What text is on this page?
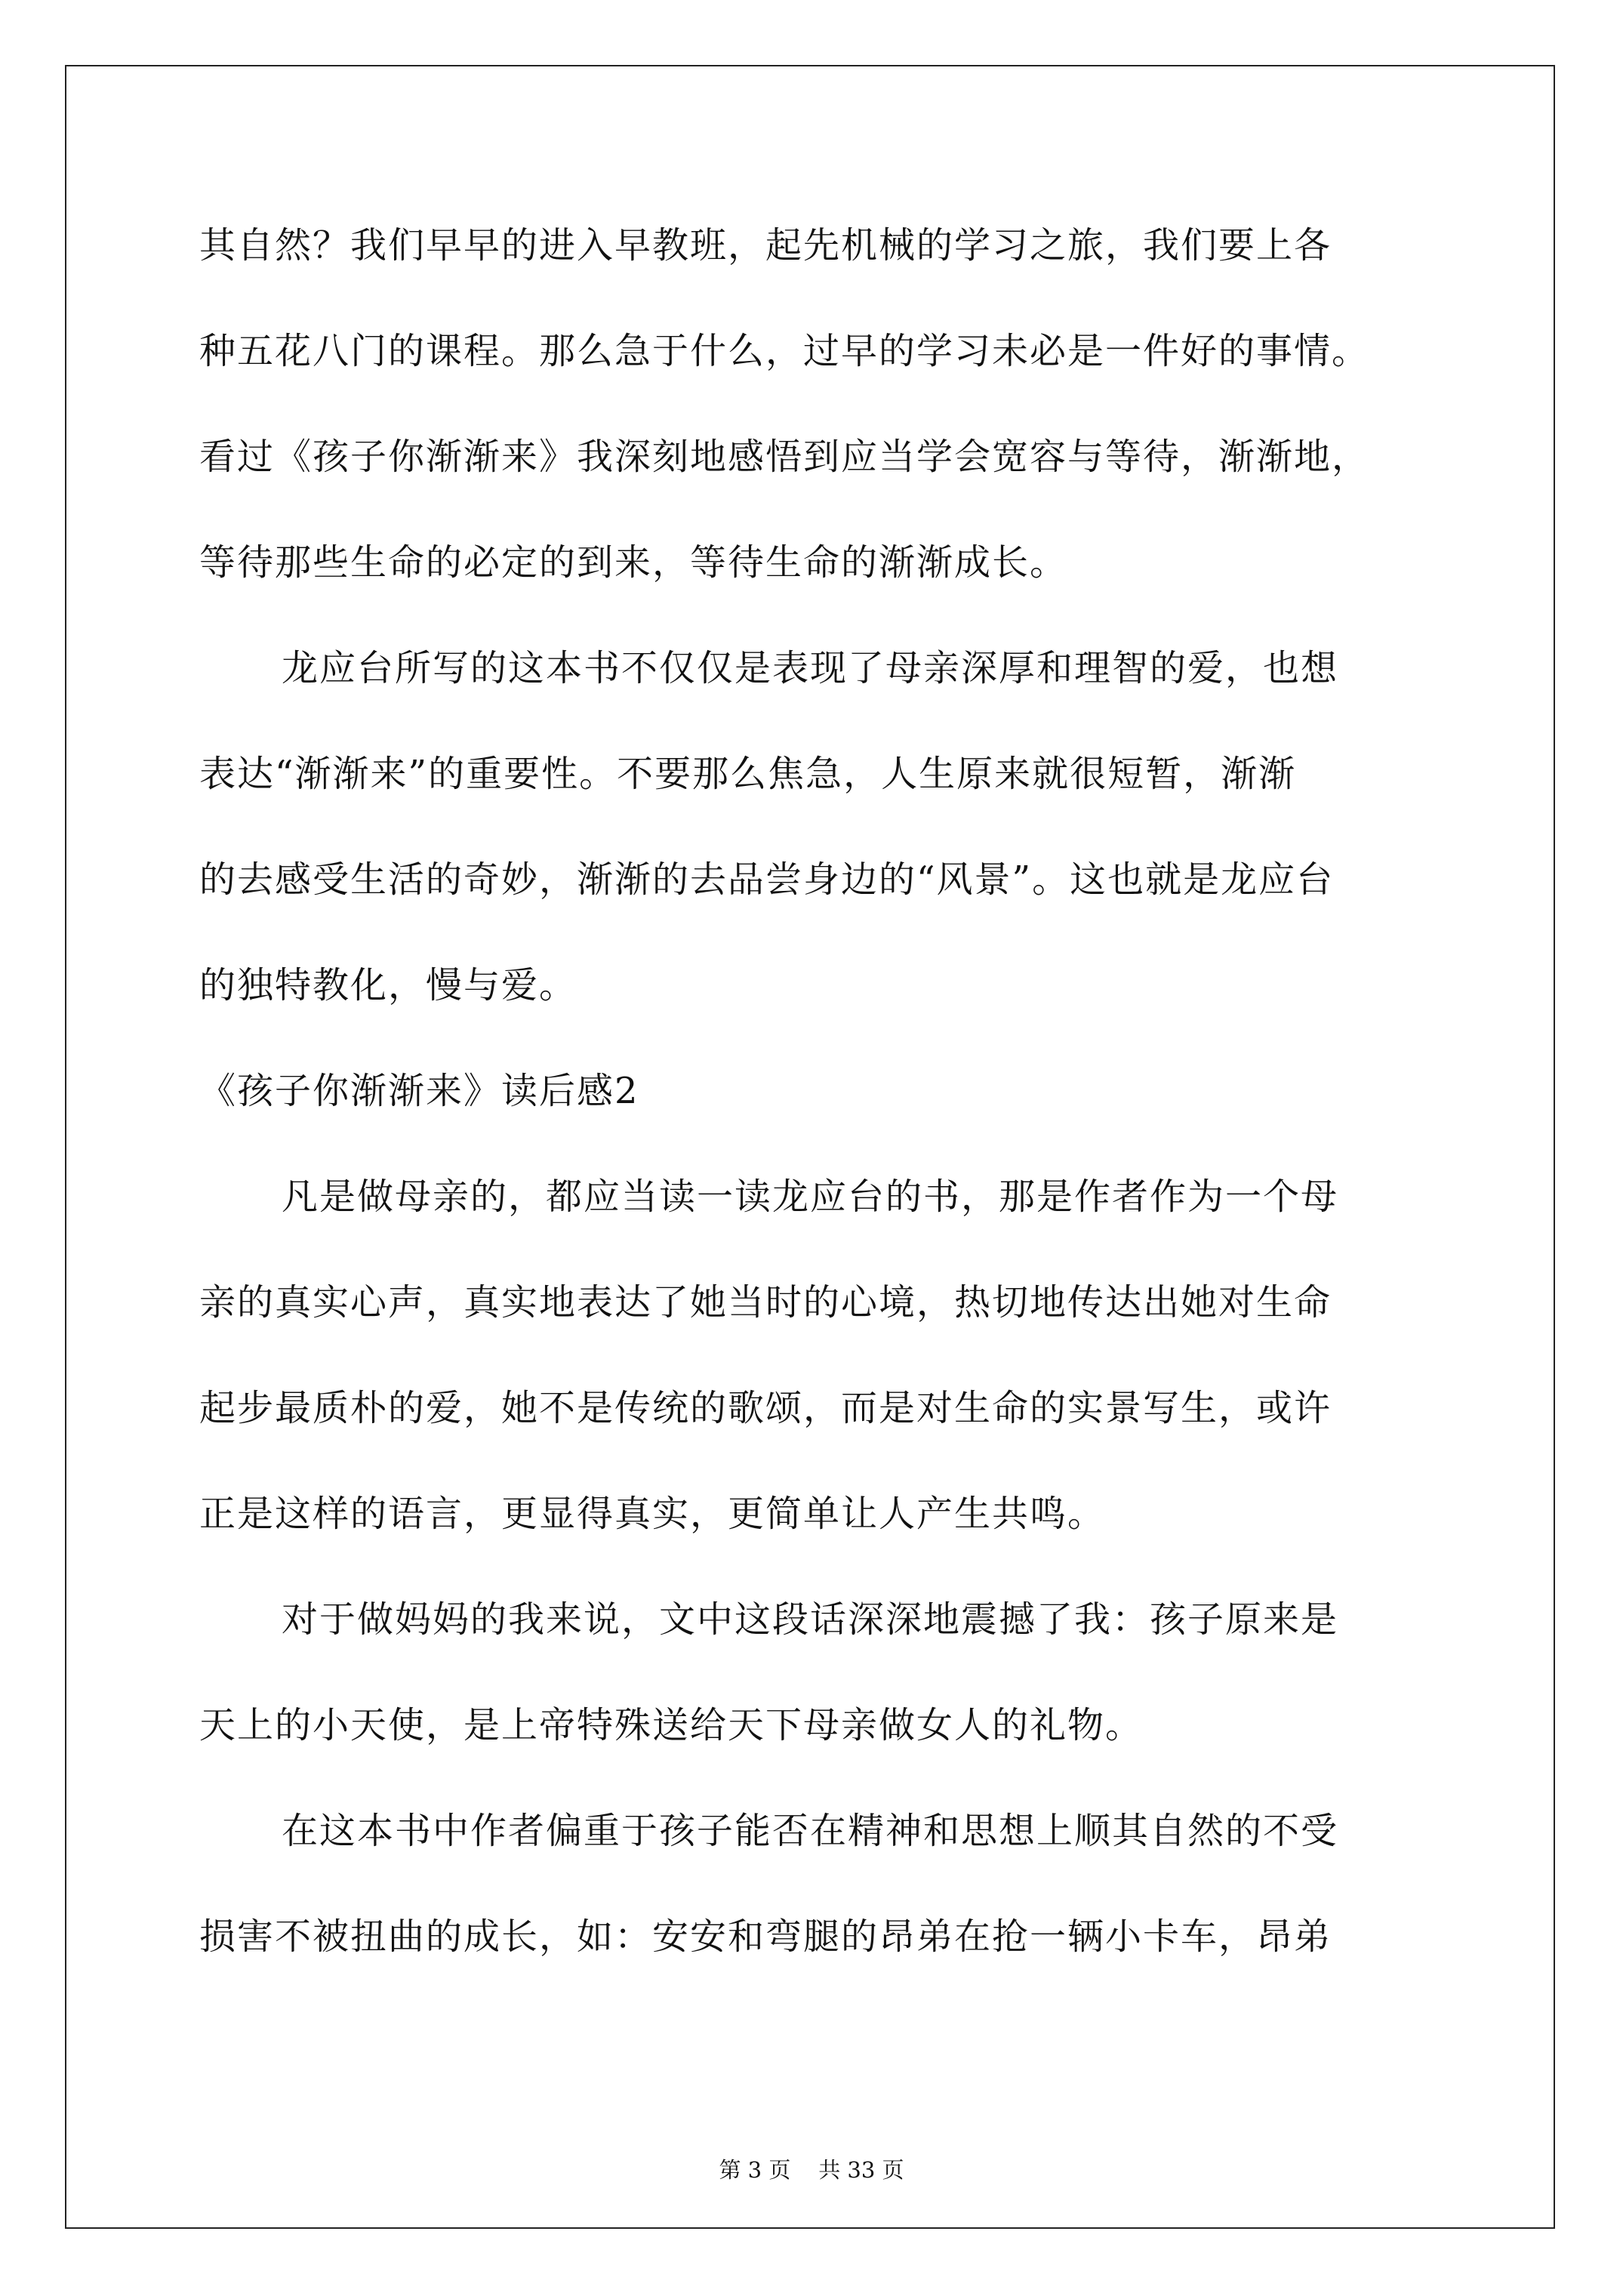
其自然？我们早早的进入早教班，起先机械的学习之旅，我们要上各
种五花八门的课程。那么急于什么，过早的学习未必是一件好的事情。
看过《孩子你渐渐来》我深刻地感悟到应当学会宽容与等待，渐渐地，
等待那些生命的必定的到来，等待生命的渐渐成长。
龙应台所写的这本书不仅仅是表现了母亲深厚和理智的爱，也想
表达“渐渐来”的重要性。不要那么焦急，人生原来就很短暂，渐渐
的去感受生活的奇妙，渐渐的去品尝身边的“风景”。这也就是龙应台
的独特教化，慢与爱。
《孩子你渐渐来》读后感2
凡是做母亲的，都应当读一读龙应台的书，那是作者作为一个母
亲的真实心声，真实地表达了她当时的心境，热切地传达出她对生命
起步最质朴的爱，她不是传统的歌颂，而是对生命的实景写生，或许
正是这样的语言，更显得真实，更简单让人产生共鸣。
对于做妈妈的我来说，文中这段话深深地震撼了我：孩子原来是
天上的小天使，是上帝特殊送给天下母亲做女人的礼物。
在这本书中作者偏重于孩子能否在精神和思想上顺其自然的不受
损害不被扭曲的成长，如：安安和弯腿的昂弟在抢一辆小卡车，昂弟
第 3 页    共 33 页
